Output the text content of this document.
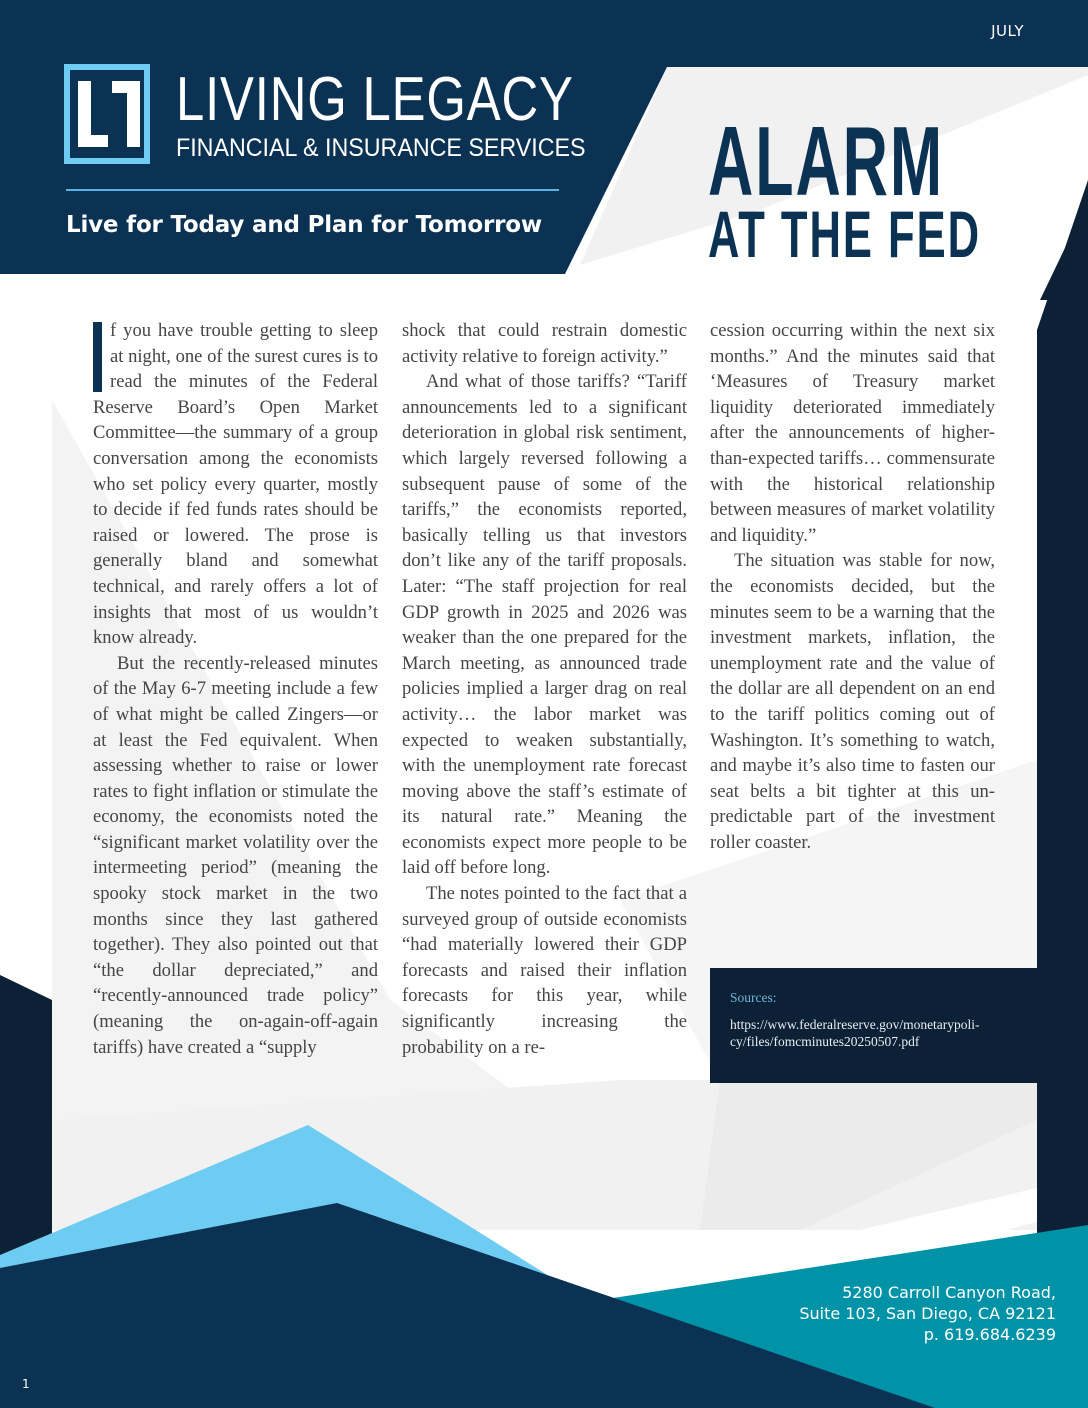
JULY
LIVING LEGACY
FINANCIAL & INSURANCE SERVICES
Live for Today and Plan for Tomorrow
ALARM
AT THE FED

f you have trouble getting to sleep at night, one of the surest cures is to read the minutes of the Federal Reserve Board’s Open Market Committee—the summary of a group conversation among the economists who set policy every quarter, mostly to decide if fed funds rates should be raised or lowered. The prose is generally bland and somewhat technical, and rarely offers a lot of insights that most of us wouldn’t know already.

But the recently-released minutes of the May 6-7 meeting include a few of what might be called Zingers—or at least the Fed equivalent. When assessing whether to raise or lower rates to fight inflation or stimulate the economy, the economists noted the “significant market volatility over the intermeeting period” (meaning the spooky stock market in the two months since they last gathered together). They also pointed out that “the dollar depreciated,” and “recently-announced trade policy” (meaning the on-again-off-again tariffs) have created a “supply

shock that could restrain domestic activity relative to foreign activity.”

And what of those tariffs? “Tariff announcements led to a significant deterioration in global risk sentiment, which largely reversed following a subsequent pause of some of the tariffs,” the economists reported, basically telling us that investors don’t like any of the tariff proposals. Later: “The staff projection for real GDP growth in 2025 and 2026 was weaker than the one prepared for the March meeting, as announced trade policies implied a larger drag on real activity… the labor market was expected to weaken substantially, with the unemployment rate forecast moving above the staff’s estimate of its natural rate.” Meaning the economists expect more people to be laid off before long.

The notes pointed to the fact that a surveyed group of outside economists “had materially lowered their GDP forecasts and raised their inflation forecasts for this year, while significantly increasing the probability on a re-

cession occurring within the next six months.” And the minutes said that ‘Measures of Treasury market liquidity deteriorated immediately after the announcements of higher-than-expected tariffs… commensurate with the historical relationship between measures of market volatility and liquidity.”

The situation was stable for now, the economists decided, but the minutes seem to be a warning that the investment markets, inflation, the unemployment rate and the value of the dollar are all dependent on an end to the tariff politics coming out of Washington. It’s something to watch, and maybe it’s also time to fasten our seat belts a bit tighter at this unpredictable part of the investment roller coaster.

Sources:
https://www.federalreserve.gov/monetarypoli-cy/files/fomcminutes20250507.pdf
5280 Carroll Canyon Road,
Suite 103, San Diego, CA 92121
p. 619.684.6239
1
